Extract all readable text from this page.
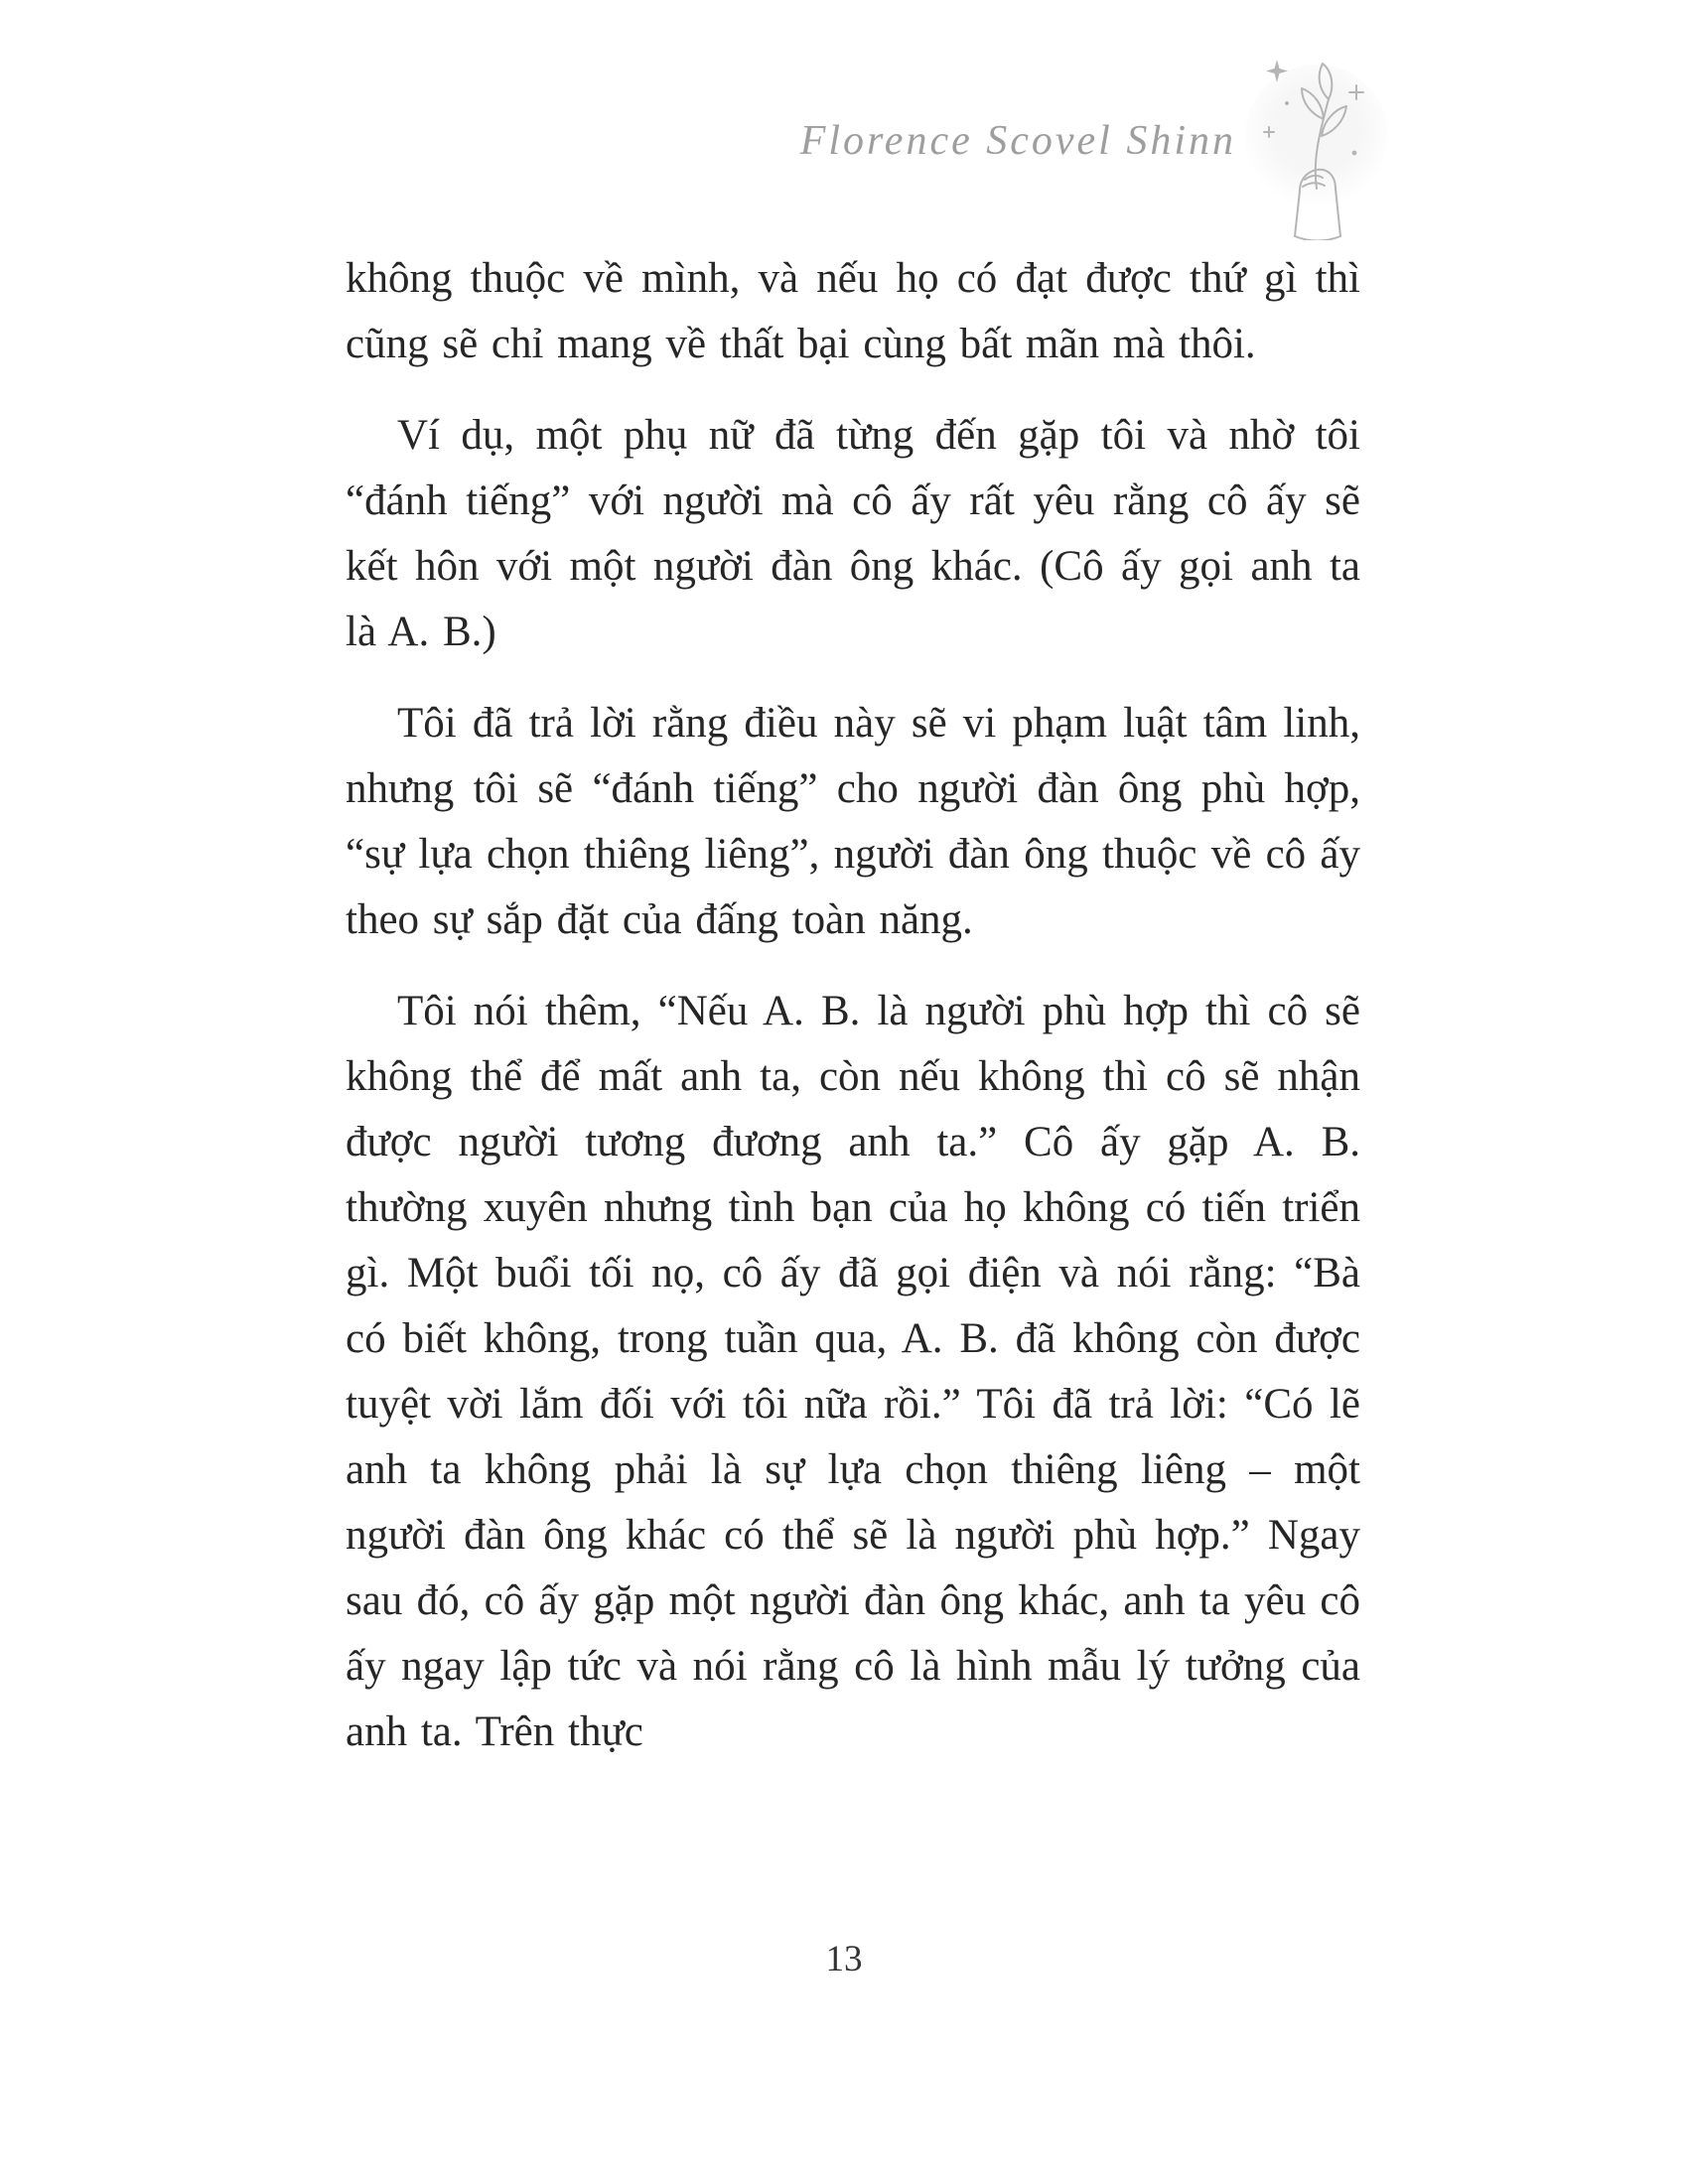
Florence Scovel Shinn

không thuộc về mình, và nếu họ có đạt được thứ gì thì cũng sẽ chỉ mang về thất bại cùng bất mãn mà thôi.

Ví dụ, một phụ nữ đã từng đến gặp tôi và nhờ tôi “đánh tiếng” với người mà cô ấy rất yêu rằng cô ấy sẽ kết hôn với một người đàn ông khác. (Cô ấy gọi anh ta là A. B.)

Tôi đã trả lời rằng điều này sẽ vi phạm luật tâm linh, nhưng tôi sẽ “đánh tiếng” cho người đàn ông phù hợp, “sự lựa chọn thiêng liêng”, người đàn ông thuộc về cô ấy theo sự sắp đặt của đấng toàn năng.

Tôi nói thêm, “Nếu A. B. là người phù hợp thì cô sẽ không thể để mất anh ta, còn nếu không thì cô sẽ nhận được người tương đương anh ta.” Cô ấy gặp A. B. thường xuyên nhưng tình bạn của họ không có tiến triển gì. Một buổi tối nọ, cô ấy đã gọi điện và nói rằng: “Bà có biết không, trong tuần qua, A. B. đã không còn được tuyệt vời lắm đối với tôi nữa rồi.” Tôi đã trả lời: “Có lẽ anh ta không phải là sự lựa chọn thiêng liêng – một người đàn ông khác có thể sẽ là người phù hợp.” Ngay sau đó, cô ấy gặp một người đàn ông khác, anh ta yêu cô ấy ngay lập tức và nói rằng cô là hình mẫu lý tưởng của anh ta. Trên thực

13
